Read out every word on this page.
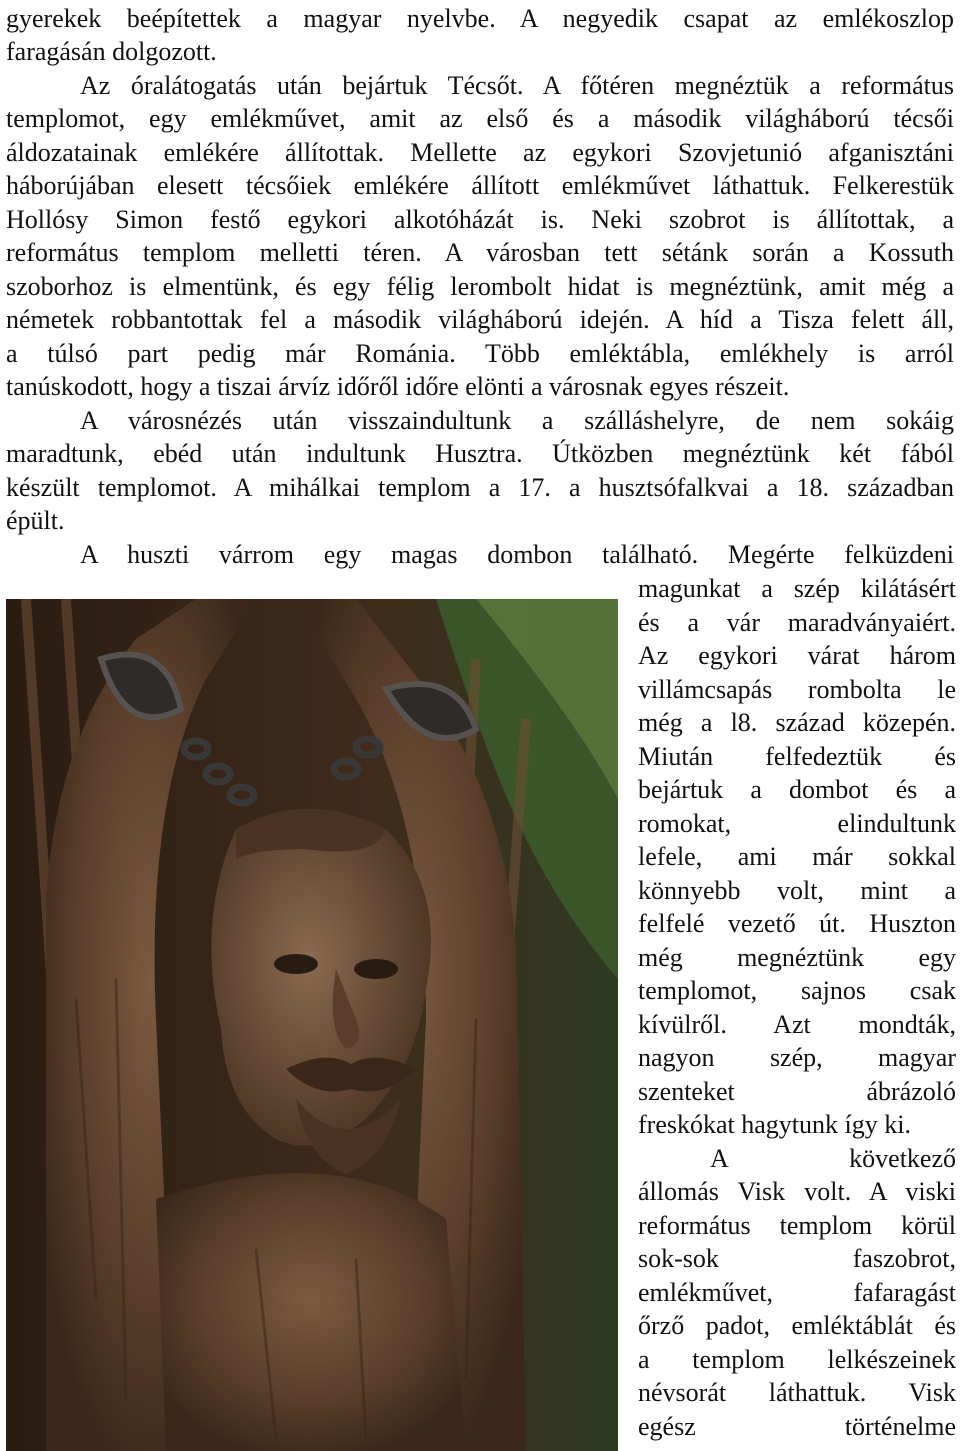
gyerekek beépítettek a magyar nyelvbe. A negyedik csapat az emlékoszlop
faragásán dolgozott.
Az óralátogatás után bejártuk Técsőt. A főtéren megnéztük a református
templomot, egy emlékművet, amit az első és a második világháború técsői
áldozatainak emlékére állítottak. Mellette az egykori Szovjetunió afganisztáni
háborújában elesett técsőiek emlékére állított emlékművet láthattuk. Felkerestük
Hollósy Simon festő egykori alkotóházát is. Neki szobrot is állítottak, a
református templom melletti téren. A városban tett sétánk során a Kossuth
szoborhoz is elmentünk, és egy félig lerombolt hidat is megnéztünk, amit még a
németek robbantottak fel a második világháború idején. A híd a Tisza felett áll,
a túlsó part pedig már Románia. Több emléktábla, emlékhely is arról
tanúskodott, hogy a tiszai árvíz időről időre elönti a városnak egyes részeit.
A városnézés után visszaindultunk a szálláshelyre, de nem sokáig
maradtunk, ebéd után indultunk Husztra. Útközben megnéztünk két fából
készült templomot. A mihálkai templom a 17. a husztsófalkvai a 18. században
épült.
A huszti várrom egy magas dombon található. Megérte felküzdeni
magunkat a szép kilátásért
és a vár maradványaiért.
Az egykori várat három
villámcsapás rombolta le
még a l8. század közepén.
Miután felfedeztük és
bejártuk a dombot és a
romokat, elindultunk
lefele, ami már sokkal
könnyebb volt, mint a
felfelé vezető út. Huszton
még megnéztünk egy
templomot, sajnos csak
kívülről. Azt mondták,
nagyon szép, magyar
szenteket ábrázoló
freskókat hagytunk így ki.
A következő
állomás Visk volt. A viski
református templom körül
sok-sok faszobrot,
emlékművet, fafaragást
őrző padot, emléktáblát és
a templom lelkészeinek
névsorát láthattuk. Visk
egész történelme
